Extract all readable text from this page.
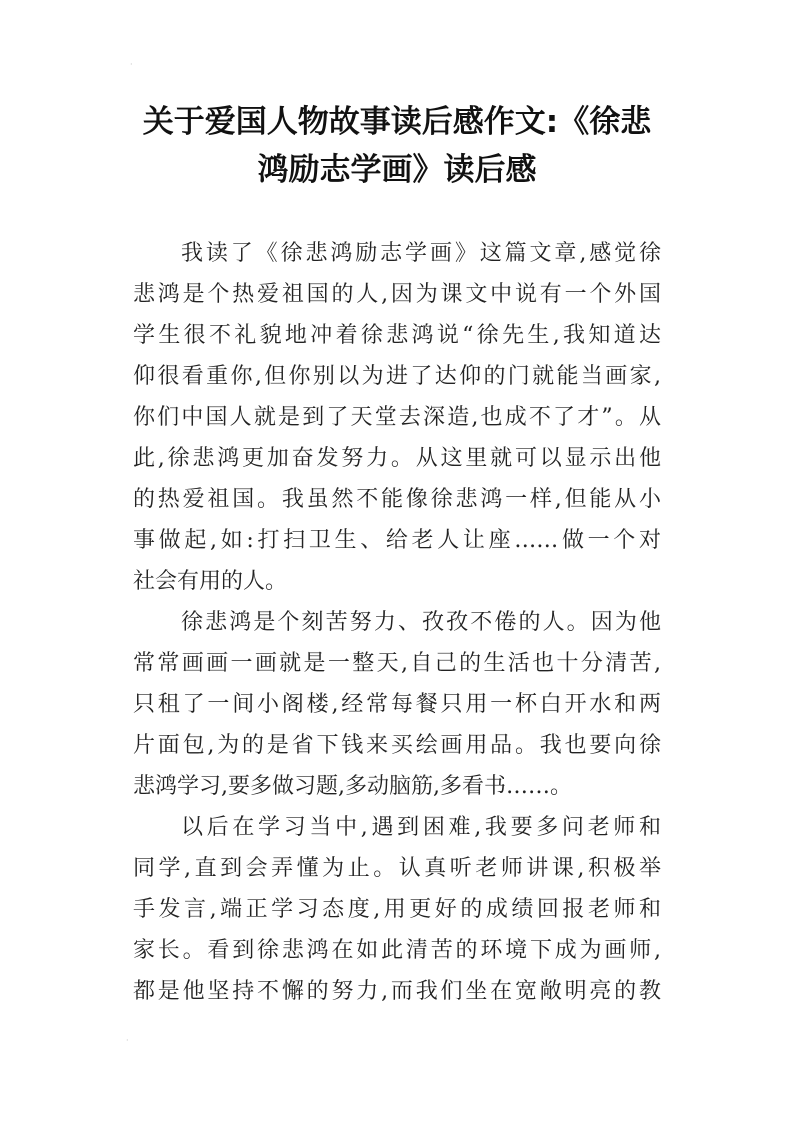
·
·
关于爱国人物故事读后感作文:《徐悲
鸿励志学画》读后感
我读了《徐悲鸿励志学画》这篇文章,感觉徐
悲鸿是个热爱祖国的人,因为课文中说有一个外国
学生很不礼貌地冲着徐悲鸿说“徐先生,我知道达
仰很看重你,但你别以为进了达仰的门就能当画家,
你们中国人就是到了天堂去深造,也成不了才”。从
此,徐悲鸿更加奋发努力。从这里就可以显示出他
的热爱祖国。我虽然不能像徐悲鸿一样,但能从小
事做起,如:打扫卫生、给老人让座……做一个对
社会有用的人。
徐悲鸿是个刻苦努力、孜孜不倦的人。因为他
常常画画一画就是一整天,自己的生活也十分清苦,
只租了一间小阁楼,经常每餐只用一杯白开水和两
片面包,为的是省下钱来买绘画用品。我也要向徐
悲鸿学习,要多做习题,多动脑筋,多看书……。
以后在学习当中,遇到困难,我要多问老师和
同学,直到会弄懂为止。认真听老师讲课,积极举
手发言,端正学习态度,用更好的成绩回报老师和
家长。看到徐悲鸿在如此清苦的环境下成为画师,
都是他坚持不懈的努力,而我们坐在宽敞明亮的教
